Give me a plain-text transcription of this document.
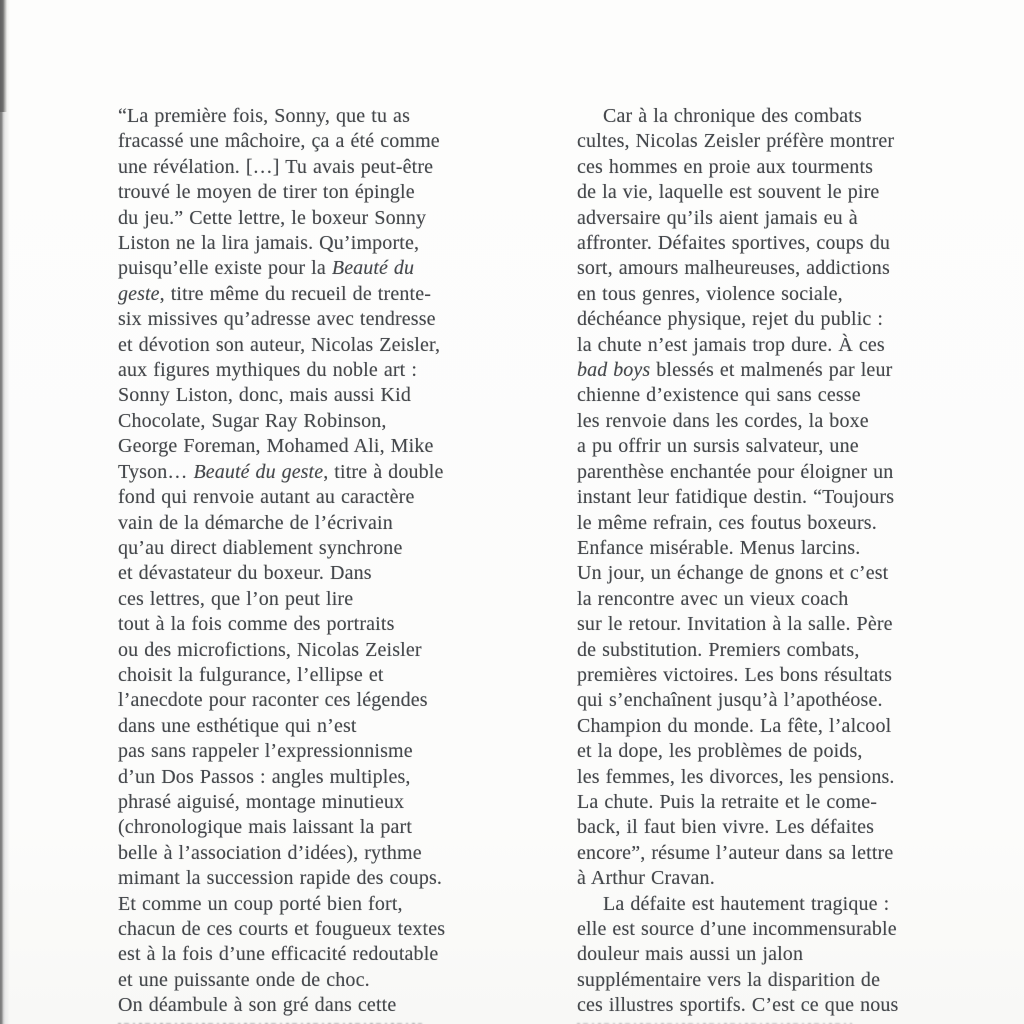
“La première fois, Sonny, que tu as
fracassé une mâchoire, ça a été comme
une révélation. […] Tu avais peut-être
trouvé le moyen de tirer ton épingle
du jeu.” Cette lettre, le boxeur Sonny
Liston ne la lira jamais. Qu’importe,
puisqu’elle existe pour la Beauté du
geste, titre même du recueil de trente-
six missives qu’adresse avec tendresse
et dévotion son auteur, Nicolas Zeisler,
aux figures mythiques du noble art :
Sonny Liston, donc, mais aussi Kid
Chocolate, Sugar Ray Robinson,
George Foreman, Mohamed Ali, Mike
Tyson… Beauté du geste, titre à double
fond qui renvoie autant au caractère
vain de la démarche de l’écrivain
qu’au direct diablement synchrone
et dévastateur du boxeur. Dans
ces lettres, que l’on peut lire
tout à la fois comme des portraits
ou des microfictions, Nicolas Zeisler
choisit la fulgurance, l’ellipse et
l’anecdote pour raconter ces légendes
dans une esthétique qui n’est
pas sans rappeler l’expressionnisme
d’un Dos Passos : angles multiples,
phrasé aiguisé, montage minutieux
(chronologique mais laissant la part
belle à l’association d’idées), rythme
mimant la succession rapide des coups.
Et comme un coup porté bien fort,
chacun de ces courts et fougueux textes
est à la fois d’une efficacité redoutable
et une puissante onde de choc.
On déambule à son gré dans cette
Car à la chronique des combats
cultes, Nicolas Zeisler préfère montrer
ces hommes en proie aux tourments
de la vie, laquelle est souvent le pire
adversaire qu’ils aient jamais eu à
affronter. Défaites sportives, coups du
sort, amours malheureuses, addictions
en tous genres, violence sociale,
déchéance physique, rejet du public :
la chute n’est jamais trop dure. À ces
bad boys blessés et malmenés par leur
chienne d’existence qui sans cesse
les renvoie dans les cordes, la boxe
a pu offrir un sursis salvateur, une
parenthèse enchantée pour éloigner un
instant leur fatidique destin. “Toujours
le même refrain, ces foutus boxeurs.
Enfance misérable. Menus larcins.
Un jour, un échange de gnons et c’est
la rencontre avec un vieux coach
sur le retour. Invitation à la salle. Père
de substitution. Premiers combats,
premières victoires. Les bons résultats
qui s’enchaînent jusqu’à l’apothéose.
Champion du monde. La fête, l’alcool
et la dope, les problèmes de poids,
les femmes, les divorces, les pensions.
La chute. Puis la retraite et le come-
back, il faut bien vivre. Les défaites
encore”, résume l’auteur dans sa lettre
à Arthur Cravan.
La défaite est hautement tragique :
elle est source d’une incommensurable
douleur mais aussi un jalon
supplémentaire vers la disparition de
ces illustres sportifs. C’est ce que nous
